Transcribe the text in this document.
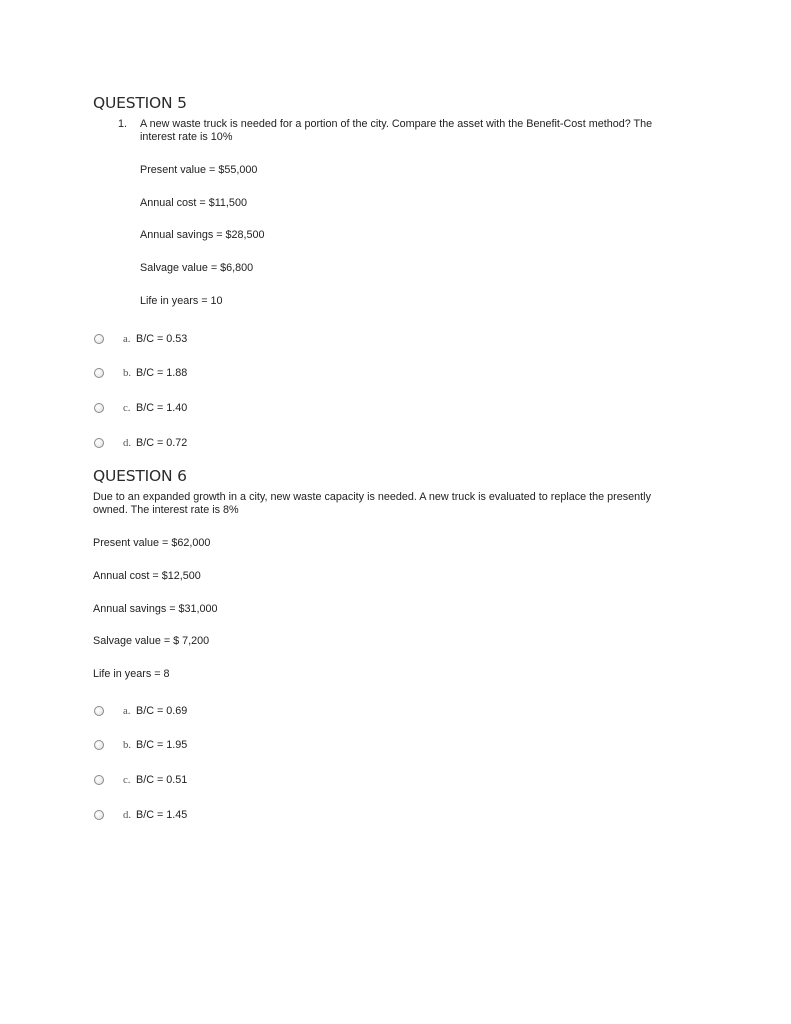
QUESTION 5
1. A new waste truck is needed for a portion of the city. Compare the asset with the Benefit-Cost method? The

interest rate is 10%

Present value = $55,000

Annual cost = $11,500

Annual savings = $28,500

Salvage value = $6,800

Life in years = 10

a. B/C = 0.53
b. B/C = 1.88
c. B/C = 1.40
d. B/C = 0.72
QUESTION 6

Due to an expanded growth in a city, new waste capacity is needed. A new truck is evaluated to replace the presently

owned. The interest rate is 8%

Present value = $62,000

Annual cost = $12,500

Annual savings = $31,000

Salvage value = $ 7,200

Life in years = 8

a. B/C = 0.69
b. B/C = 1.95
c. B/C = 0.51
d. B/C = 1.45
